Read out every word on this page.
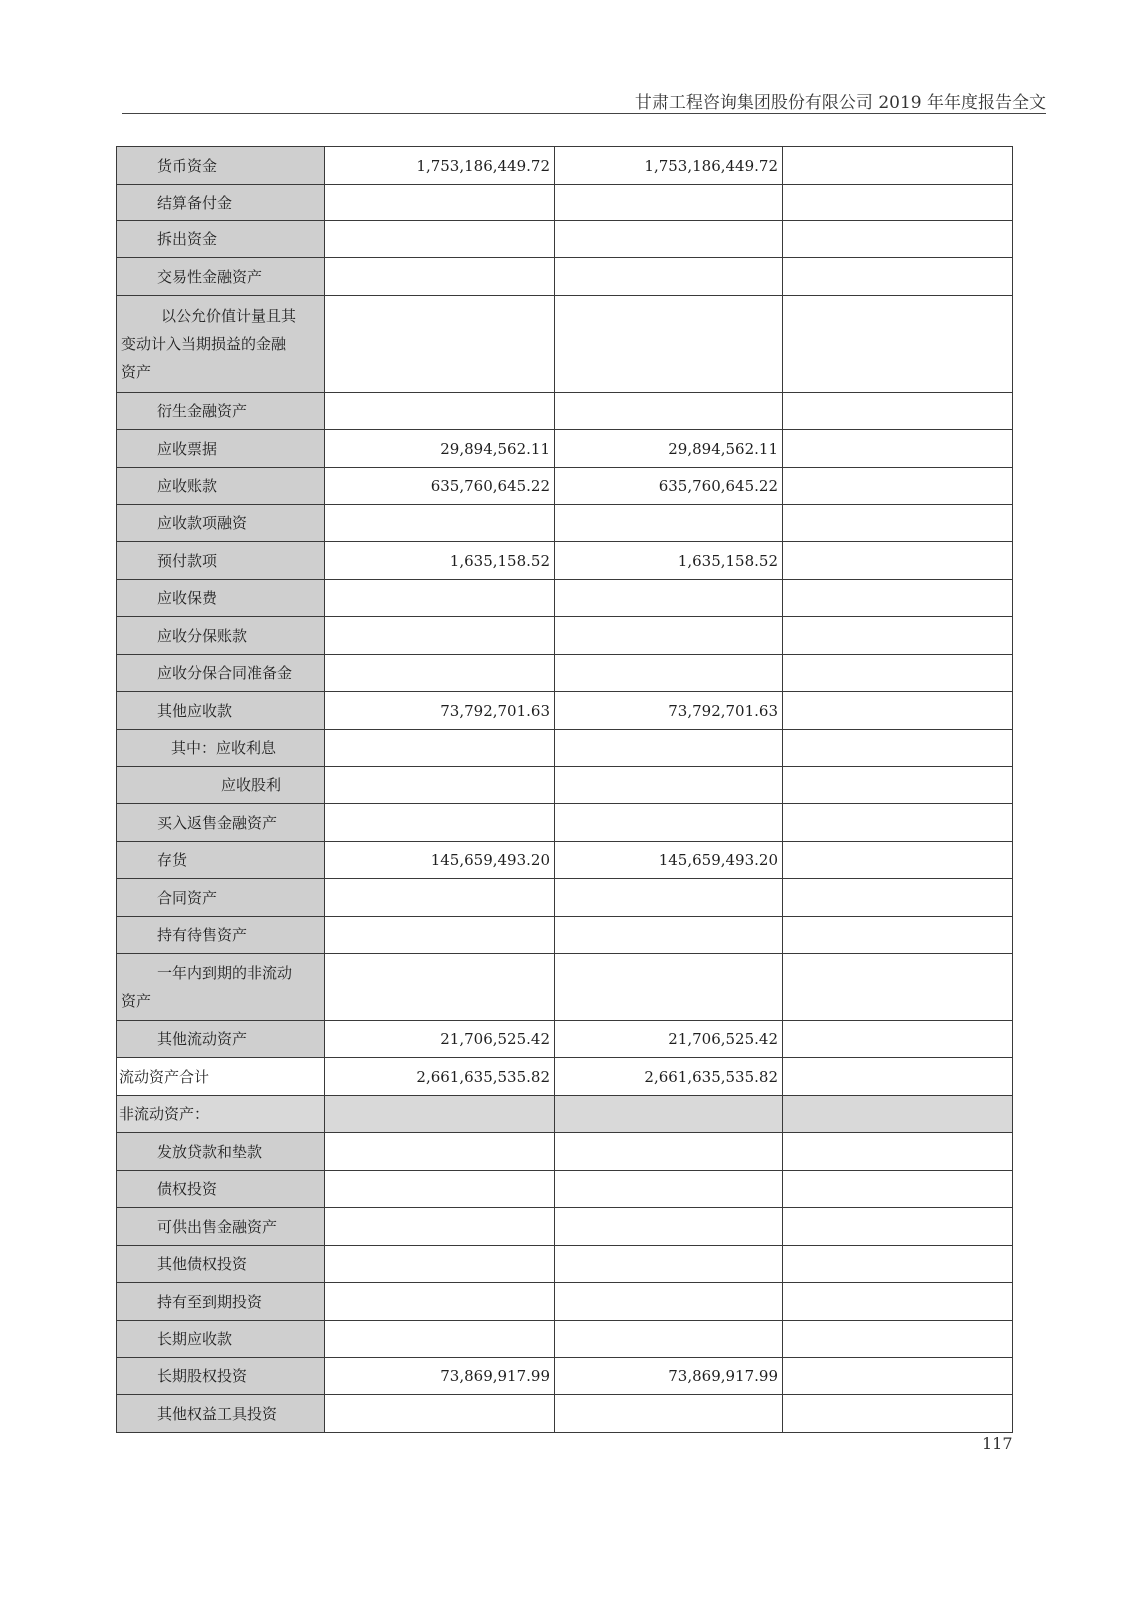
甘肃工程咨询集团股份有限公司 2019 年年度报告全文
货币资金	1,753,186,449.72	1,753,186,449.72	
结算备付金			
拆出资金			
交易性金融资产			

以公允价值计量且其
变动计入当期损益的金融
资产			

衍生金融资产			
应收票据	29,894,562.11	29,894,562.11	
应收账款	635,760,645.22	635,760,645.22	
应收款项融资			
预付款项	1,635,158.52	1,635,158.52	
应收保费			
应收分保账款			
应收分保合同准备金			
其他应收款	73,792,701.63	73,792,701.63	
其中：应收利息			
应收股利			
买入返售金融资产			
存货	145,659,493.20	145,659,493.20	
合同资产			
持有待售资产			

一年内到期的非流动
资产			

其他流动资产	21,706,525.42	21,706,525.42	
流动资产合计	2,661,635,535.82	2,661,635,535.82	
非流动资产：			
发放贷款和垫款			
债权投资			
可供出售金融资产			
其他债权投资			
持有至到期投资			
长期应收款			
长期股权投资	73,869,917.99	73,869,917.99	
其他权益工具投资			
117
